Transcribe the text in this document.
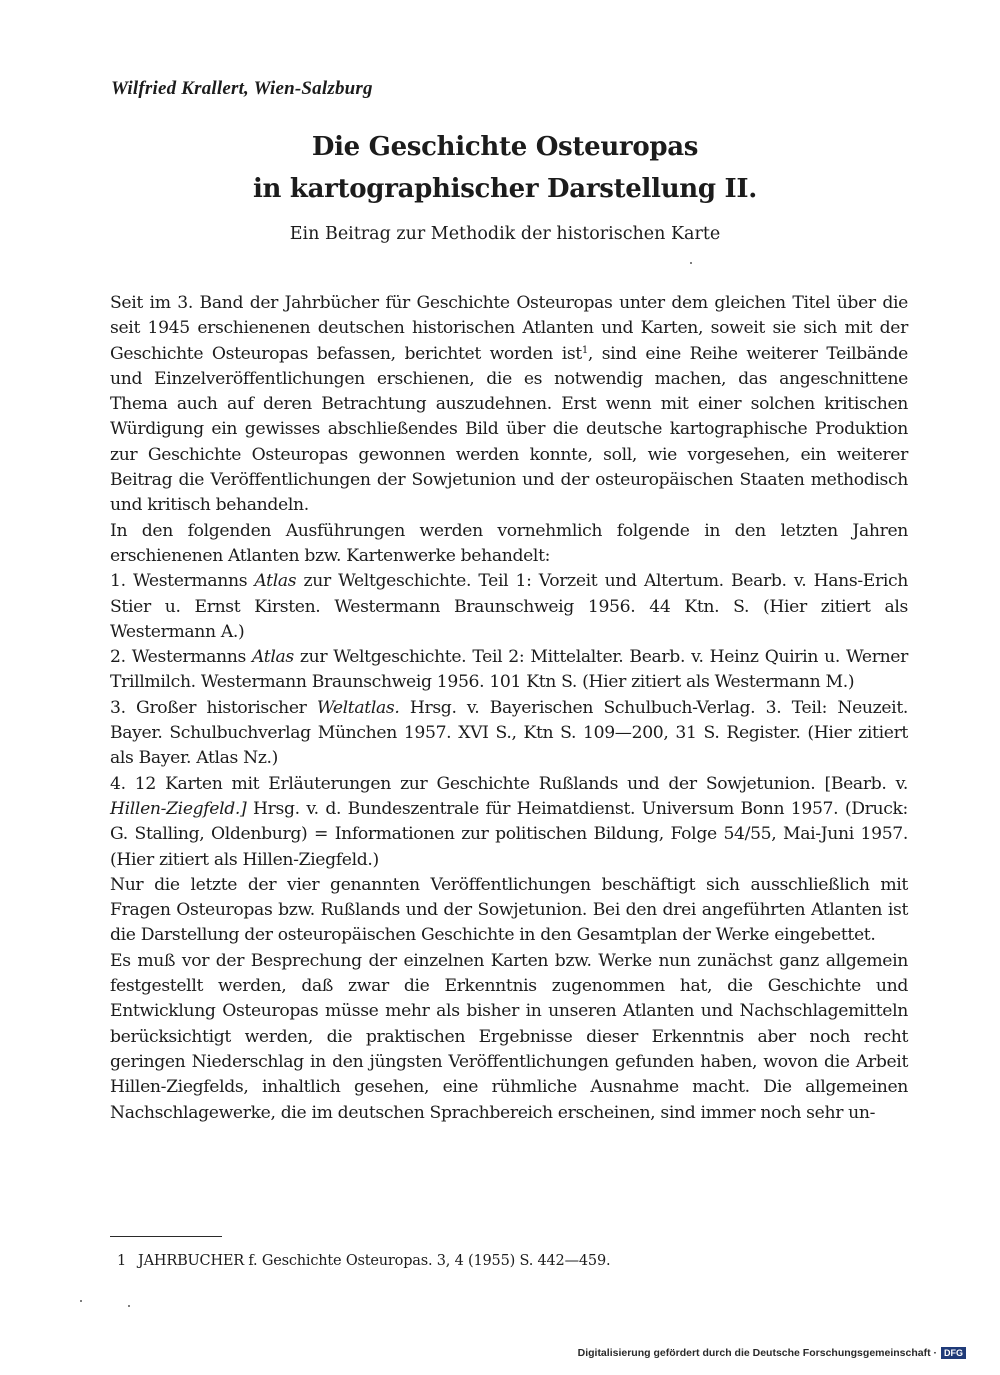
Wilfried Krallert, Wien-Salzburg
Die Geschichte Osteuropas
in kartographischer Darstellung II.
Ein Beitrag zur Methodik der historischen Karte

Seit im 3. Band der Jahrbücher für Geschichte Osteuropas unter dem gleichen Titel über die seit 1945 erschienenen deutschen historischen Atlanten und Karten, soweit sie sich mit der Geschichte Osteuropas befassen, berichtet worden ist$^1$, sind eine Reihe weiterer Teilbände und Einzelveröffentlichungen erschienen, die es notwendig machen, das angeschnittene Thema auch auf deren Betrachtung auszudehnen. Erst wenn mit einer solchen kritischen Würdigung ein gewisses abschließendes Bild über die deutsche kartographische Produktion zur Geschichte Osteuropas gewonnen werden konnte, soll, wie vorgesehen, ein weiterer Beitrag die Veröffentlichungen der Sowjetunion und der osteuropäischen Staaten methodisch und kritisch behandeln.

In den folgenden Ausführungen werden vornehmlich folgende in den letzten Jahren erschienenen Atlanten bzw. Kartenwerke behandelt:

1. Westermanns Atlas zur Weltgeschichte. Teil 1: Vorzeit und Altertum. Bearb. v. Hans-Erich Stier u. Ernst Kirsten. Westermann Braunschweig 1956. 44 Ktn. S. (Hier zitiert als Westermann A.)

2. Westermanns Atlas zur Weltgeschichte. Teil 2: Mittelalter. Bearb. v. Heinz Quirin u. Werner Trillmilch. Westermann Braunschweig 1956. 101 Ktn S. (Hier zitiert als Westermann M.)

3. Großer historischer Weltatlas. Hrsg. v. Bayerischen Schulbuch-Verlag. 3. Teil: Neuzeit. Bayer. Schulbuchverlag München 1957. XVI S., Ktn S. 109—200, 31 S. Register. (Hier zitiert als Bayer. Atlas Nz.)

4. 12 Karten mit Erläuterungen zur Geschichte Rußlands und der Sowjetunion. [Bearb. v. Hillen-Ziegfeld.] Hrsg. v. d. Bundeszentrale für Heimatdienst. Universum Bonn 1957. (Druck: G. Stalling, Oldenburg) = Informationen zur politischen Bildung, Folge 54/55, Mai-Juni 1957. (Hier zitiert als Hillen-Ziegfeld.)

Nur die letzte der vier genannten Veröffentlichungen beschäftigt sich ausschließlich mit Fragen Osteuropas bzw. Rußlands und der Sowjetunion. Bei den drei angeführten Atlanten ist die Darstellung der osteuropäischen Geschichte in den Gesamtplan der Werke eingebettet.

Es muß vor der Besprechung der einzelnen Karten bzw. Werke nun zunächst ganz allgemein festgestellt werden, daß zwar die Erkenntnis zugenommen hat, die Geschichte und Entwicklung Osteuropas müsse mehr als bisher in unseren Atlanten und Nachschlagemitteln berücksichtigt werden, die praktischen Ergebnisse dieser Erkenntnis aber noch recht geringen Niederschlag in den jüngsten Veröffentlichungen gefunden haben, wovon die Arbeit Hillen-Ziegfelds, inhaltlich gesehen, eine rühmliche Ausnahme macht. Die allgemeinen Nachschlagewerke, die im deutschen Sprachbereich erscheinen, sind immer noch sehr un-

1 JAHRBUCHER f. Geschichte Osteuropas. 3, 4 (1955) S. 442—459.
Digitalisierung gefördert durch die Deutsche Forschungsgemeinschaft · DFG
